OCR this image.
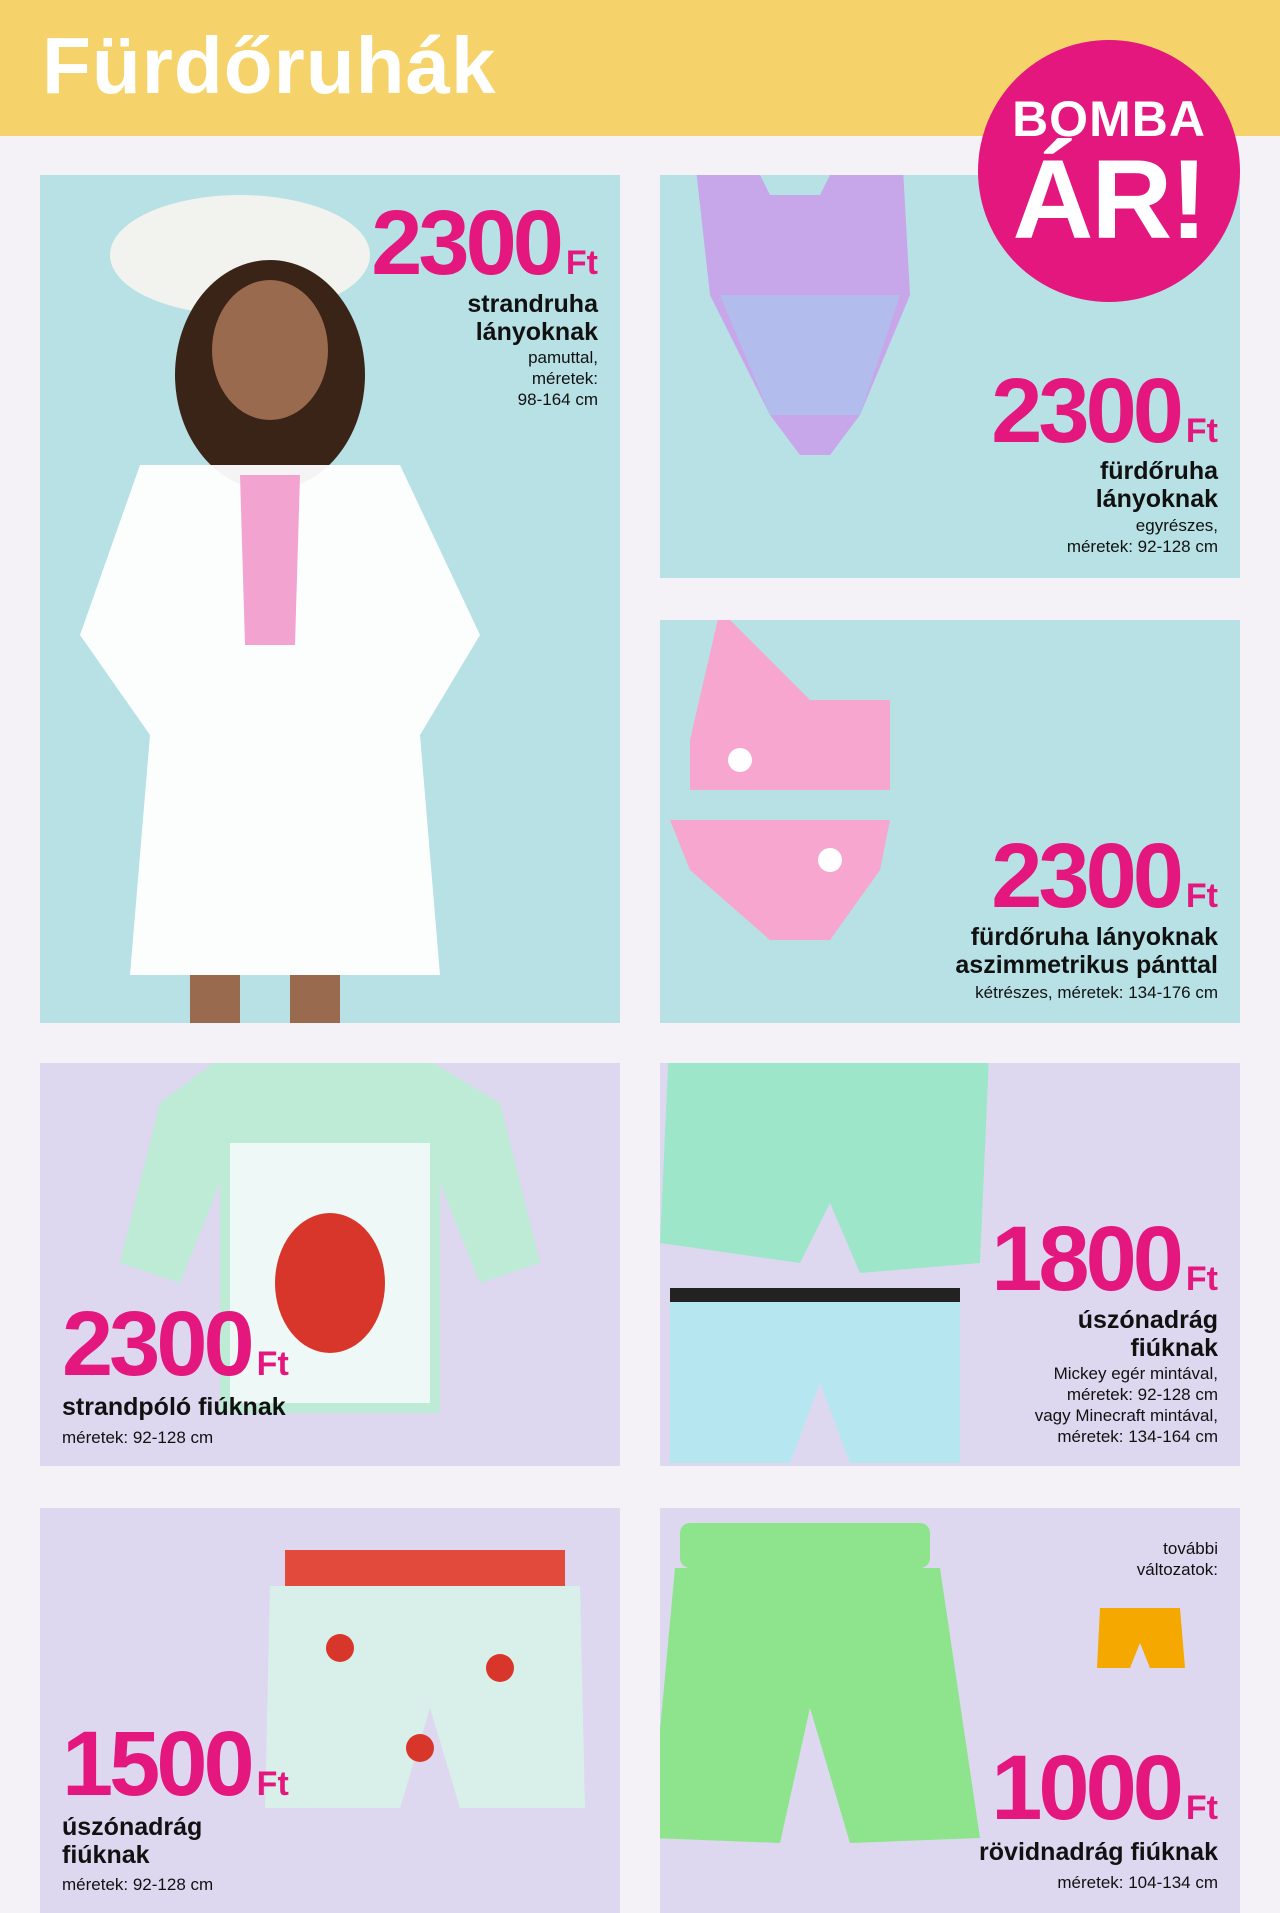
Fürdőruhák
2300 Ft
strandruha lányoknak
pamuttal,
méretek:
98-164 cm	2300 Ft
fürdőruha lányoknak
egyrészes,
méretek: 92-128 cm
BOMBA
ÁR!
2300 Ft
fürdőruha lányoknak
aszimmetrikus pánttal
kétrészes, méretek: 134-176 cm
2300 Ft
strandpóló fiúknak
méretek: 92-128 cm
1800 Ft
úszónadrág
fiúknak
Mickey egér mintával,
méretek: 92-128 cm
vagy Minecraft mintával,
méretek: 134-164 cm
1500 Ft
úszónadrág
fiúknak
méretek: 92-128 cm
további
változatok:
1000 Ft
rövidnadrág fiúknak
méretek: 104-134 cm
